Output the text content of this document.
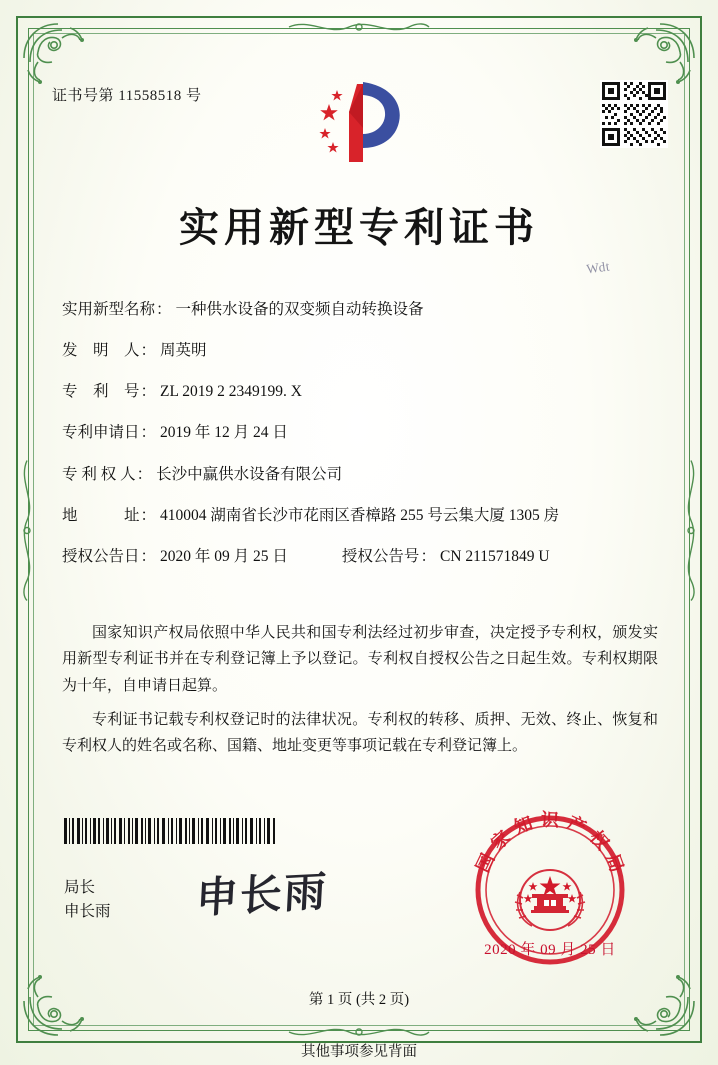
证书号第 11558518 号
实用新型专利证书
ᵂᵈᵗ
实用新型名称 ： 一种供水设备的双变频自动转换设备
发　明　人 ： 周英明
专　利　号 ： ZL 2019 2 2349199. X
专利申请日 ： 2019 年 12 月 24 日
专 利 权 人 ： 长沙中赢供水设备有限公司
地　　　址 ： 410004 湖南省长沙市花雨区香樟路 255 号云集大厦 1305 房
授权公告日 ： 2020 年 09 月 25 日	授权公告号 ： CN 211571849 U

国家知识产权局依照中华人民共和国专利法经过初步审查，决定授予专利权，颁发实用新型专利证书并在专利登记簿上予以登记。专利权自授权公告之日起生效。专利权期限为十年，自申请日起算。

专利证书记载专利权登记时的法律状况。专利权的转移、质押、无效、终止、恢复和专利权人的姓名或名称、国籍、地址变更等事项记载在专利登记簿上。

局长
申长雨 申长雨
国家知识产权局
2020 年 09 月 25 日
第 1 页 (共 2 页)
其他事项参见背面
